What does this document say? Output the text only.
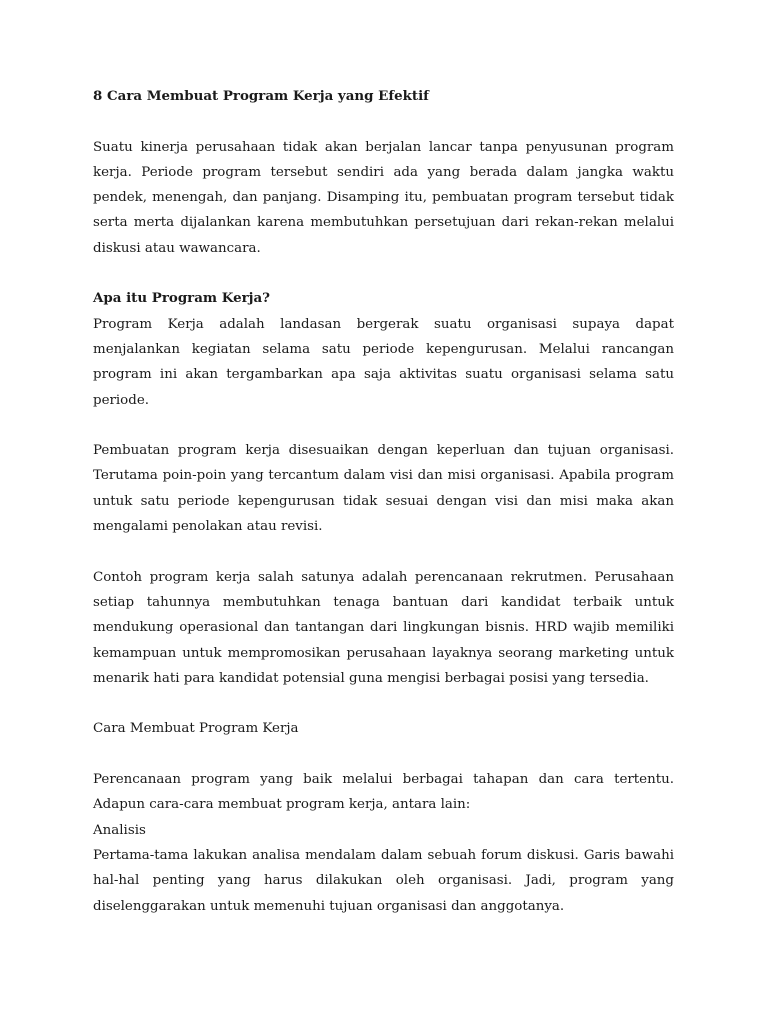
8 Cara Membuat Program Kerja yang Efektif

Suatu kinerja perusahaan tidak akan berjalan lancar tanpa penyusunan program kerja. Periode program tersebut sendiri ada yang berada dalam jangka waktu pendek, menengah, dan panjang. Disamping itu, pembuatan program tersebut tidak serta merta dijalankan karena membutuhkan persetujuan dari rekan-rekan melalui diskusi atau wawancara.

Apa itu Program Kerja?

Program Kerja adalah landasan bergerak suatu organisasi supaya dapat menjalankan kegiatan selama satu periode kepengurusan. Melalui rancangan program ini akan tergambarkan apa saja aktivitas suatu organisasi selama satu periode.

Pembuatan program kerja disesuaikan dengan keperluan dan tujuan organisasi. Terutama poin-poin yang tercantum dalam visi dan misi organisasi. Apabila program untuk satu periode kepengurusan tidak sesuai dengan visi dan misi maka akan mengalami penolakan atau revisi.

Contoh program kerja salah satunya adalah perencanaan rekrutmen. Perusahaan setiap tahunnya membutuhkan tenaga bantuan dari kandidat terbaik untuk mendukung operasional dan tantangan dari lingkungan bisnis. HRD wajib memiliki kemampuan untuk mempromosikan perusahaan layaknya seorang marketing untuk menarik hati para kandidat potensial guna mengisi berbagai posisi yang tersedia.

Cara Membuat Program Kerja

Perencanaan program yang baik melalui berbagai tahapan dan cara tertentu. Adapun cara-cara membuat program kerja, antara lain:

Analisis

Pertama-tama lakukan analisa mendalam dalam sebuah forum diskusi. Garis bawahi hal-hal penting yang harus dilakukan oleh organisasi. Jadi, program yang diselenggarakan untuk memenuhi tujuan organisasi dan anggotanya.
